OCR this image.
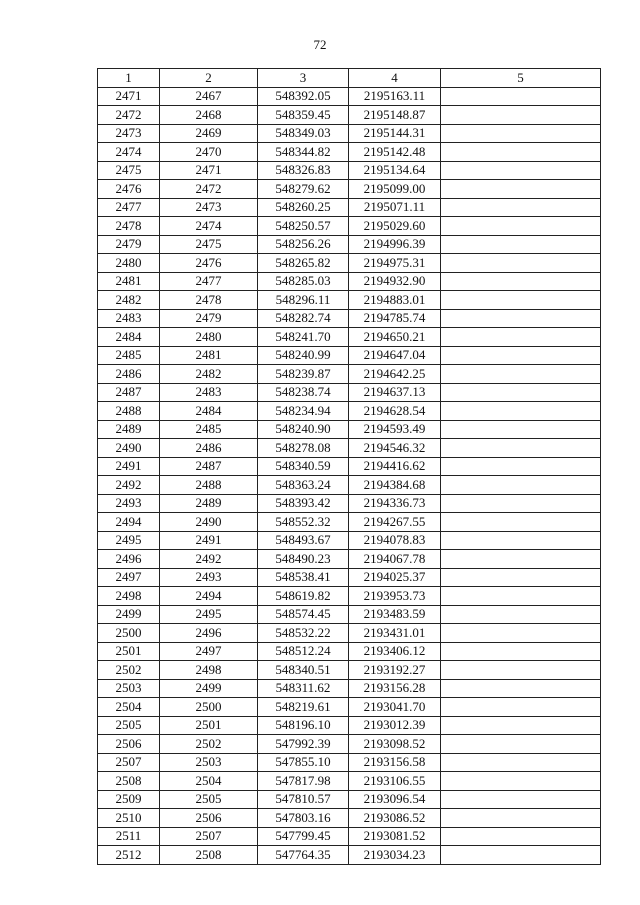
72
1	2	3	4	5
2471	2467	548392.05	2195163.11	
2472	2468	548359.45	2195148.87	
2473	2469	548349.03	2195144.31	
2474	2470	548344.82	2195142.48	
2475	2471	548326.83	2195134.64	
2476	2472	548279.62	2195099.00	
2477	2473	548260.25	2195071.11	
2478	2474	548250.57	2195029.60	
2479	2475	548256.26	2194996.39	
2480	2476	548265.82	2194975.31	
2481	2477	548285.03	2194932.90	
2482	2478	548296.11	2194883.01	
2483	2479	548282.74	2194785.74	
2484	2480	548241.70	2194650.21	
2485	2481	548240.99	2194647.04	
2486	2482	548239.87	2194642.25	
2487	2483	548238.74	2194637.13	
2488	2484	548234.94	2194628.54	
2489	2485	548240.90	2194593.49	
2490	2486	548278.08	2194546.32	
2491	2487	548340.59	2194416.62	
2492	2488	548363.24	2194384.68	
2493	2489	548393.42	2194336.73	
2494	2490	548552.32	2194267.55	
2495	2491	548493.67	2194078.83	
2496	2492	548490.23	2194067.78	
2497	2493	548538.41	2194025.37	
2498	2494	548619.82	2193953.73	
2499	2495	548574.45	2193483.59	
2500	2496	548532.22	2193431.01	
2501	2497	548512.24	2193406.12	
2502	2498	548340.51	2193192.27	
2503	2499	548311.62	2193156.28	
2504	2500	548219.61	2193041.70	
2505	2501	548196.10	2193012.39	
2506	2502	547992.39	2193098.52	
2507	2503	547855.10	2193156.58	
2508	2504	547817.98	2193106.55	
2509	2505	547810.57	2193096.54	
2510	2506	547803.16	2193086.52	
2511	2507	547799.45	2193081.52	
2512	2508	547764.35	2193034.23	
